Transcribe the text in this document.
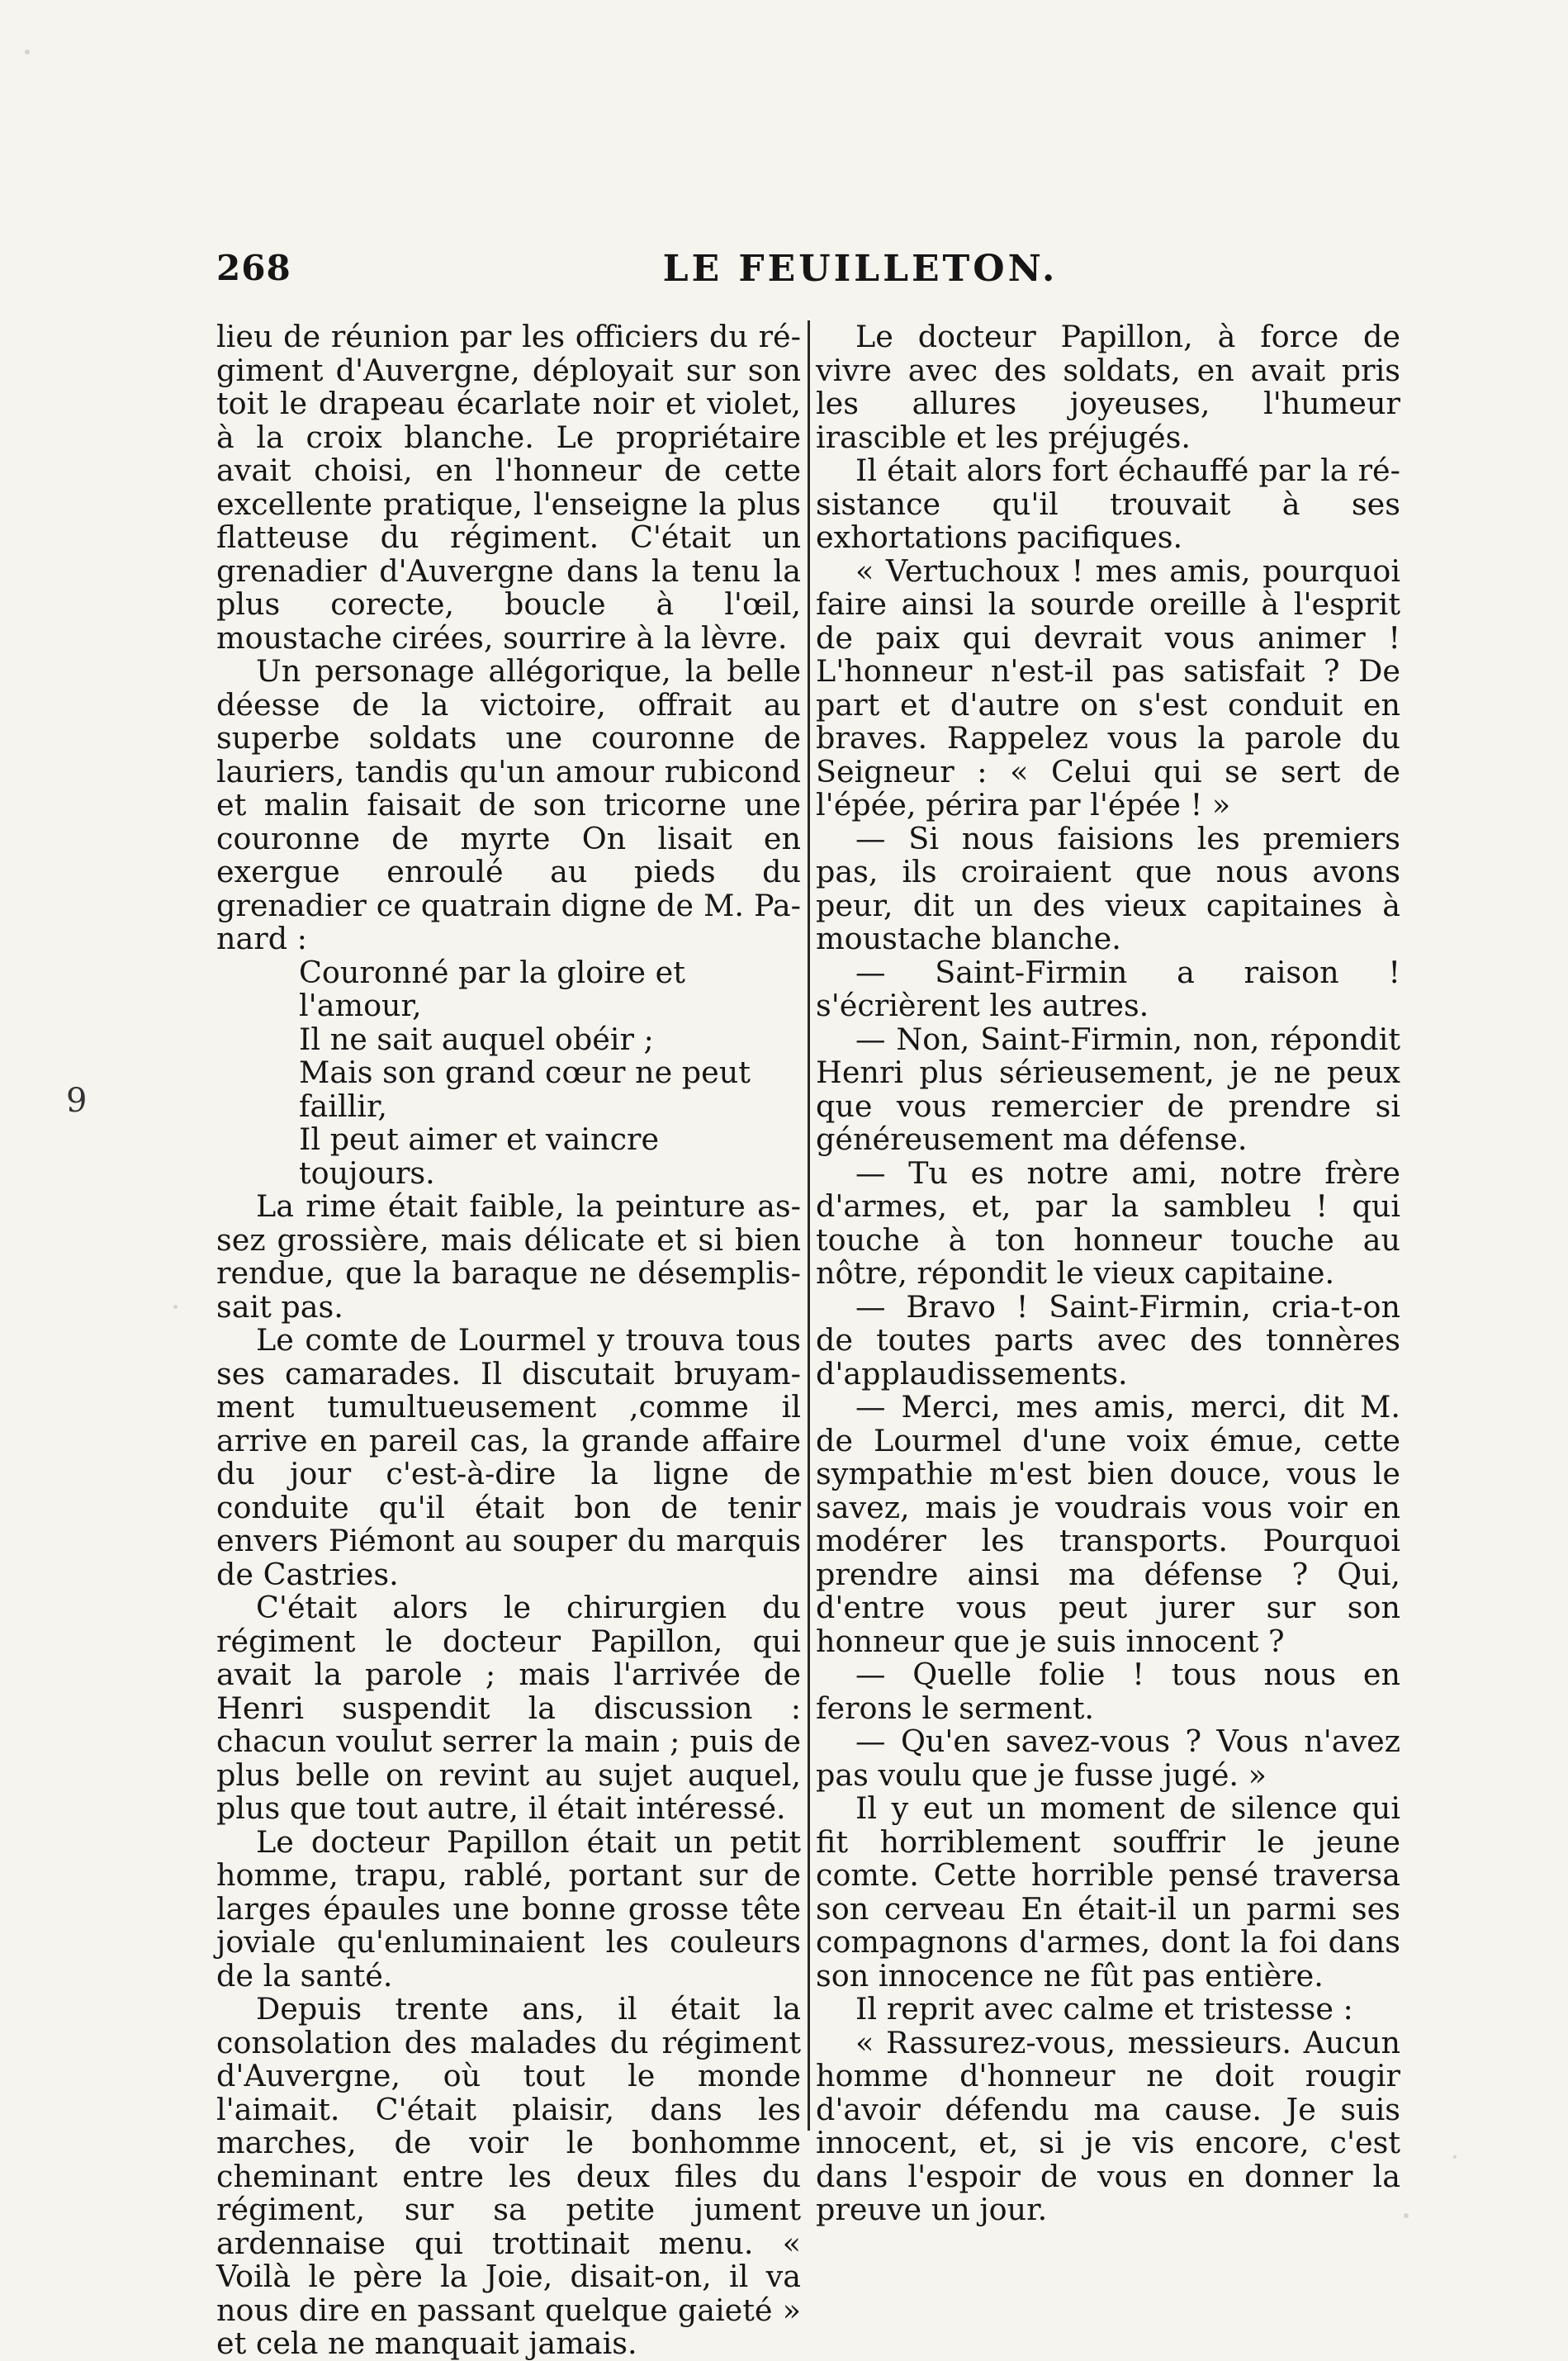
268	LE FEUILLETON.
9

lieu de réunion par les officiers du régiment d'Auvergne, déployait sur son toit le drapeau écarlate noir et violet, à la croix blanche. Le propriétaire avait choisi, en l'honneur de cette excellente pratique, l'enseigne la plus flatteuse du régiment. C'était un grenadier d'Auvergne dans la tenu la plus corecte, boucle à l'œil, moustache cirées, sourrire à la lèvre.

Un personage allégorique, la belle déesse de la victoire, offrait au superbe soldats une couronne de lauriers, tandis qu'un amour rubicond et malin faisait de son tricorne une couronne de myrte On lisait en exergue enroulé au pieds du grenadier ce quatrain digne de M. Panard :

Couronné par la gloire et l'amour,

Il ne sait auquel obéir ;

Mais son grand cœur ne peut faillir,

Il peut aimer et vaincre toujours.

La rime était faible, la peinture assez grossière, mais délicate et si bien rendue, que la baraque ne désemplissait pas.

Le comte de Lourmel y trouva tous ses camarades. Il discutait bruyamment tumultueusement ,comme il arrive en pareil cas, la grande affaire du jour c'est-à-dire la ligne de conduite qu'il était bon de tenir envers Piémont au souper du marquis de Castries.

C'était alors le chirurgien du régiment le docteur Papillon, qui avait la parole ; mais l'arrivée de Henri suspendit la discussion : chacun voulut serrer la main ; puis de plus belle on revint au sujet auquel, plus que tout autre, il était intéressé.

Le docteur Papillon était un petit homme, trapu, rablé, portant sur de larges épaules une bonne grosse tête joviale qu'enluminaient les couleurs de la santé.

Depuis trente ans, il était la consolation des malades du régiment d'Auvergne, où tout le monde l'aimait. C'était plaisir, dans les marches, de voir le bonhomme cheminant entre les deux files du régiment, sur sa petite jument ardennaise qui trottinait menu. « Voilà le père la Joie, disait-on, il va nous dire en passant quelque gaieté » et cela ne manquait jamais.

Le docteur Papillon, à force de vivre avec des soldats, en avait pris les allures joyeuses, l'humeur irascible et les préjugés.

Il était alors fort échauffé par la résistance qu'il trouvait à ses exhortations pacifiques.

« Vertuchoux ! mes amis, pourquoi faire ainsi la sourde oreille à l'esprit de paix qui devrait vous animer ! L'honneur n'est-il pas satisfait ? De part et d'autre on s'est conduit en braves. Rappelez vous la parole du Seigneur : « Celui qui se sert de l'épée, périra par l'épée ! »

— Si nous faisions les premiers pas, ils croiraient que nous avons peur, dit un des vieux capitaines à moustache blanche.

— Saint-Firmin a raison ! s'écrièrent les autres.

— Non, Saint-Firmin, non, répondit Henri plus sérieusement, je ne peux que vous remercier de prendre si généreusement ma défense.

— Tu es notre ami, notre frère d'armes, et, par la sambleu ! qui touche à ton honneur touche au nôtre, répondit le vieux capitaine.

— Bravo ! Saint-Firmin, cria-t-on de toutes parts avec des tonnères d'applaudissements.

— Merci, mes amis, merci, dit M. de Lourmel d'une voix émue, cette sympathie m'est bien douce, vous le savez, mais je voudrais vous voir en modérer les transports. Pourquoi prendre ainsi ma défense ? Qui, d'entre vous peut jurer sur son honneur que je suis innocent ?

— Quelle folie ! tous nous en ferons le serment.

— Qu'en savez-vous ? Vous n'avez pas voulu que je fusse jugé. »

Il y eut un moment de silence qui fit horriblement souffrir le jeune comte. Cette horrible pensé traversa son cerveau En était-il un parmi ses compagnons d'armes, dont la foi dans son innocence ne fût pas entière.

Il reprit avec calme et tristesse :

« Rassurez-vous, messieurs. Aucun homme d'honneur ne doit rougir d'avoir défendu ma cause. Je suis innocent, et, si je vis encore, c'est dans l'espoir de vous en donner la preuve un jour.
